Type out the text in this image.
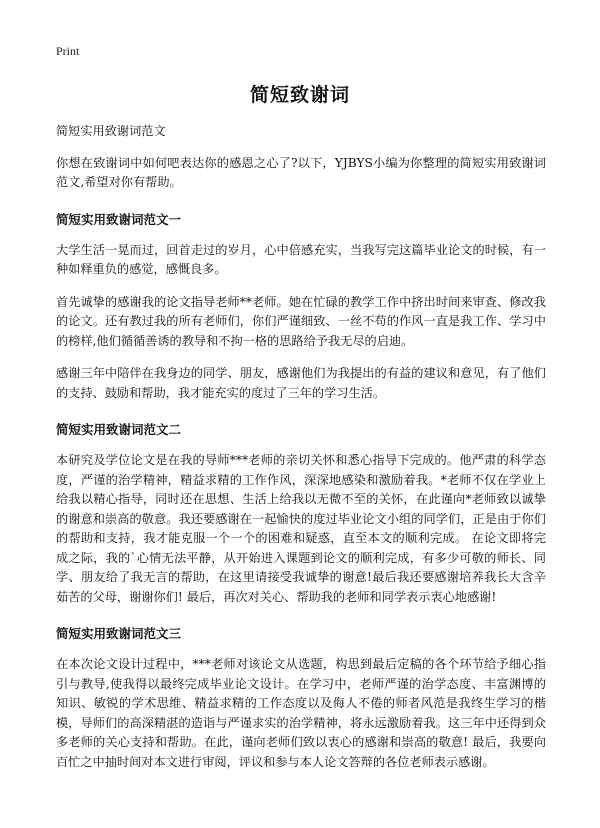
Print
简短致谢词

简短实用致谢词范文

你想在致谢词中如何吧表达你的感恩之心了?以下，YJBYS小编为你整理的简短实用致谢词范文,希望对你有帮助。

简短实用致谢词范文一

大学生活一晃而过，回首走过的岁月，心中倍感充实，当我写完这篇毕业论文的时候，有一种如释重负的感觉，感慨良多。

首先诚挚的感谢我的论文指导老师**老师。她在忙碌的教学工作中挤出时间来审查、修改我的论文。还有教过我的所有老师们，你们严谨细致、一丝不苟的作风一直是我工作、学习中的榜样,他们循循善诱的教导和不拘一格的思路给予我无尽的启迪。

感谢三年中陪伴在我身边的同学、朋友，感谢他们为我提出的有益的建议和意见，有了他们的支持、鼓励和帮助，我才能充实的度过了三年的学习生活。

简短实用致谢词范文二

本研究及学位论文是在我的导师***老师的亲切关怀和悉心指导下完成的。他严肃的科学态度，严谨的治学精神，精益求精的工作作风，深深地感染和激励着我。*老师不仅在学业上给我以精心指导，同时还在思想、生活上给我以无微不至的关怀，在此谨向*老师致以诚挚的谢意和崇高的敬意。我还要感谢在一起愉快的度过毕业论文小组的同学们，正是由于你们的帮助和支持，我才能克服一个一个的困难和疑惑，直至本文的顺利完成。 在论文即将完成之际，我的`心情无法平静，从开始进入课题到论文的顺利完成，有多少可敬的师长、同学、朋友给了我无言的帮助，在这里请接受我诚挚的谢意!最后我还要感谢培养我长大含辛茹苦的父母，谢谢你们! 最后，再次对关心、帮助我的老师和同学表示衷心地感谢!

简短实用致谢词范文三

在本次论文设计过程中，***老师对该论文从选题，构思到最后定稿的各个环节给予细心指引与教导,使我得以最终完成毕业论文设计。在学习中，老师严谨的治学态度、丰富渊博的知识、敏锐的学术思维、精益求精的工作态度以及侮人不倦的师者风范是我终生学习的楷模，导师们的高深精湛的造诣与严谨求实的治学精神，将永远激励着我。这三年中还得到众多老师的关心支持和帮助。在此，谨向老师们致以衷心的感谢和崇高的敬意! 最后，我要向百忙之中抽时间对本文进行审阅，评议和参与本人论文答辩的各位老师表示感谢。
